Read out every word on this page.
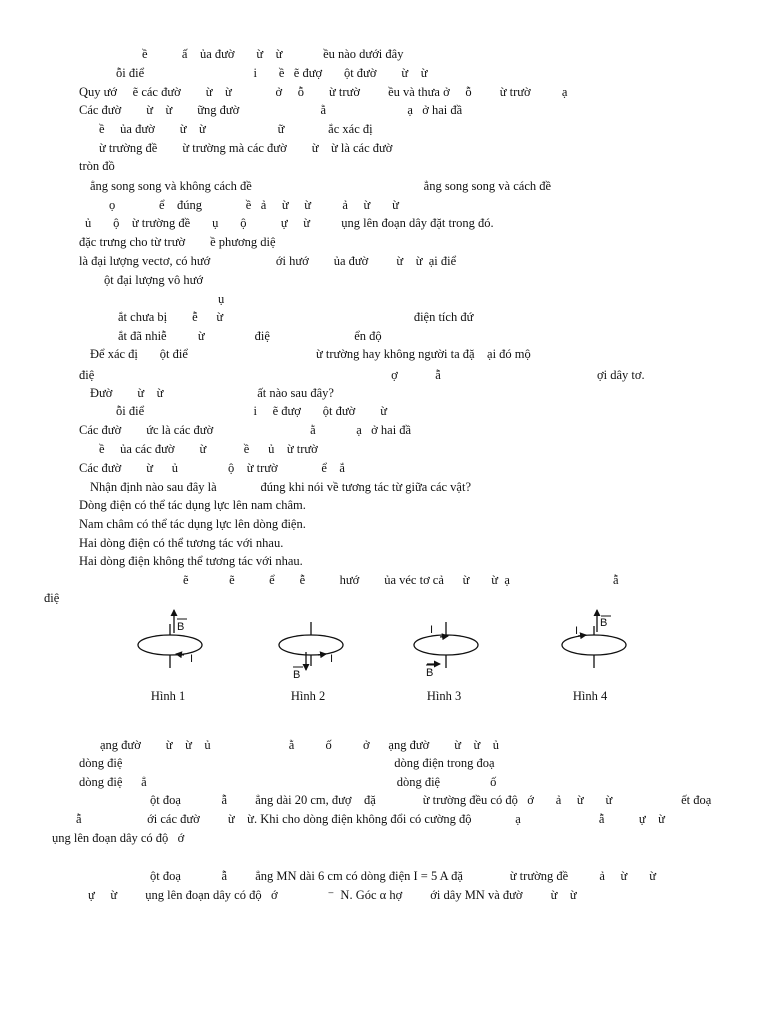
ề           ấ    ủa đườ       ừ    ừ             ều nào dưới đây
ỗi điể                                   i       ề   ẽ đượ       ột đườ        ừ    ừ
Quy ướ     ẽ các đườ        ừ    ừ              ở     ỗ        ừ trườ         ều và thưa ở     ỗ         ừ trườ          ạ
Các đườ        ừ    ừ        ững đườ                          ằ                          ạ   ở hai đầ
ề     ủa đườ        ừ    ừ                       ữ              ắc xác đị
ừ trường đề        ừ trường mà các đườ        ừ    ừ là các đườ
tròn đồ
ẳng song song và không cách đề                                                       ẳng song song và cách đề
ọ              ể    đúng              ề   ả     ừ     ừ          ả     ừ       ừ
ủ       ộ    ừ trường đề       ụ       ộ           ự     ừ          ụng lên đoạn dây đặt trong đó.
đặc trưng cho từ trườ        ề phương diệ
là đại lượng vectơ, có hướ                     ới hướ        ủa đườ         ừ    ừ  ại điể
ột đại lượng vô hướ
ụ
ắt chưa bị        ễ      ừ                                                             điện tích đứ
ắt đã nhiễ          ừ                điệ                           ển độ
Để xác đị       ột điể                                         ừ trường hay không người ta đặ    ại đó mộ
điệ                                                                                               ợ            ẫ                                                  ợi dây tơ.
Đườ        ừ    ừ                              ất nào sau đây?
ỗi điể                                   i     ẽ đượ       ột đườ        ừ
Các đườ        ức là các đườ                               ằ             ạ   ở hai đầ
ề     ủa các đườ        ừ            ề      ủ    ừ trườ
Các đườ        ừ      ủ                ộ    ừ trườ              ể    ắ
Nhận định nào sau đây là              đúng khi nói về tương tác từ giữa các vật?
Dòng điện có thể tác dụng lực lên nam châm.
Nam châm có thể tác dụng lực lên dòng điện.
Hai dòng điện có thể tương tác với nhau.
Hai dòng điện không thể tương tác với nhau.
ẽ             ẽ           ể        ễ           hướ        ủa véc tơ cả      ừ       ừ  ạ                                 ẫ
điệ
B
I
Hình 1
B
I
Hình 2
B
I
Hình 3
B
I
Hình 4
ạng đườ        ừ    ừ    ủ                         ằ          ố          ở      ạng đườ        ừ    ừ    ủ
dòng điệ                                                                                       dòng điện trong đoạ
dòng điệ      ẳ                                                                                dòng điệ                ố
ột đoạ             ẫ         ẳng dài 20 cm, đượ    đặ               ừ trường đều có độ   ớ       ả     ừ       ừ                      ết đoạ
ẫ                     ới các đườ         ừ    ừ. Khi cho dòng điện không đổi có cường độ              ạ                         ẫ           ự    ừ
ụng lên đoạn dây có độ   ớ
ột đoạ             ẫ         ẳng MN dài 6 cm có dòng điện I = 5 A đặ               ừ trường đề          ả     ừ       ừ
ự     ừ         ụng lên đoạn dây có độ   ớ                ⁻  N. Góc α hợ         ới dây MN và đườ         ừ    ừ
